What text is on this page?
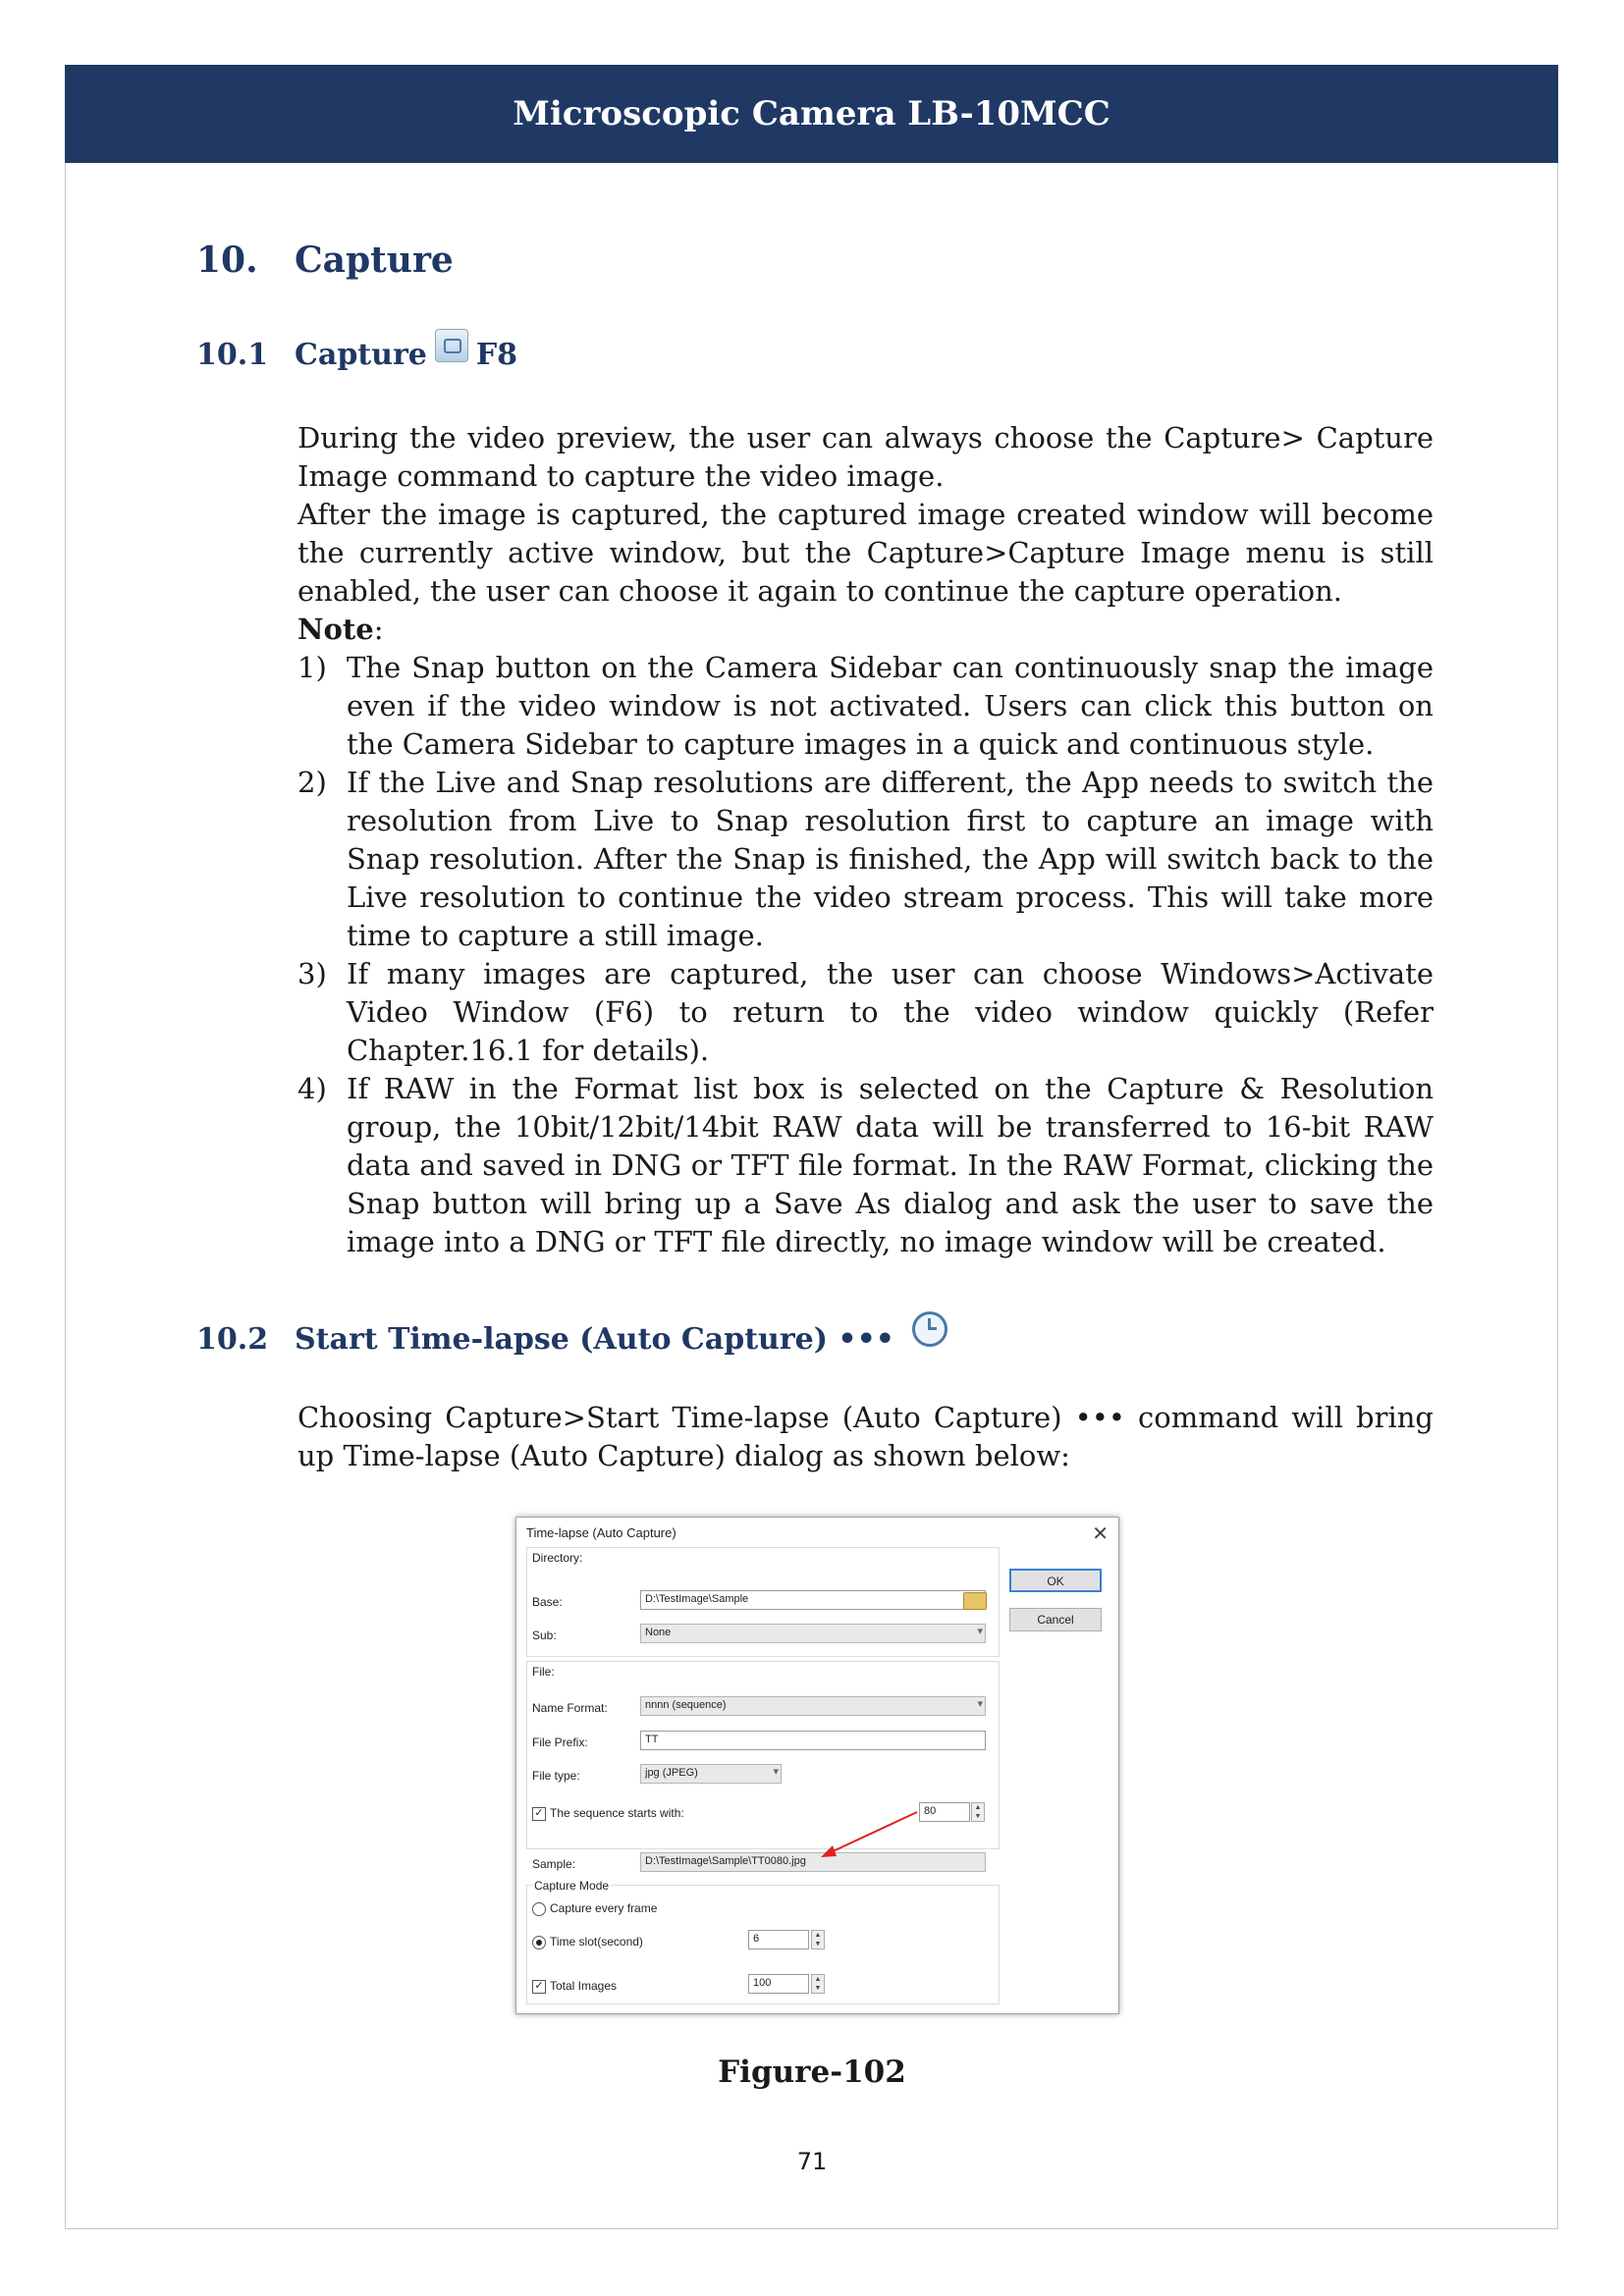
Microscopic Camera LB-10MCC
10. Capture
10.1 Capture F8

During the video preview, the user can always choose the Capture> Capture Image command to capture the video image.

After the image is captured, the captured image created window will become the currently active window, but the Capture>Capture Image menu is still enabled, the user can choose it again to continue the capture operation.

Note:

1) The Snap button on the Camera Sidebar can continuously snap the image even if the video window is not activated. Users can click this button on the Camera Sidebar to capture images in a quick and continuous style.
2) If the Live and Snap resolutions are different, the App needs to switch the resolution from Live to Snap resolution first to capture an image with Snap resolution. After the Snap is finished, the App will switch back to the Live resolution to continue the video stream process. This will take more time to capture a still image.
3) If many images are captured, the user can choose Windows>Activate Video Window (F6) to return to the video window quickly (Refer Chapter.16.1 for details).
4) If RAW in the Format list box is selected on the Capture & Resolution group, the 10bit/12bit/14bit RAW data will be transferred to 16-bit RAW data and saved in DNG or TFT file format. In the RAW Format, clicking the Snap button will bring up a Save As dialog and ask the user to save the image into a DNG or TFT file directly, no image window will be created.
10.2 Start Time-lapse (Auto Capture) •••

Choosing Capture>Start Time-lapse (Auto Capture) ••• command will bring up Time-lapse (Auto Capture) dialog as shown below:

Time-lapse (Auto Capture)	✕
Directory:
Base:	D:\TestImage\Sample
Sub:	None	▾
File:
Name Format:	nnnn (sequence)	▾
File Prefix:	TT
File type:	jpg (JPEG)	▾
✓ The sequence starts with:	80	▲
▼
Sample:	D:\TestImage\Sample\TT0080.jpg
Capture Mode
Capture every frame
Time slot(second)	6	▲
▼
✓ Total Images	100	▲
▼
OK
Cancel
Figure-102
71
